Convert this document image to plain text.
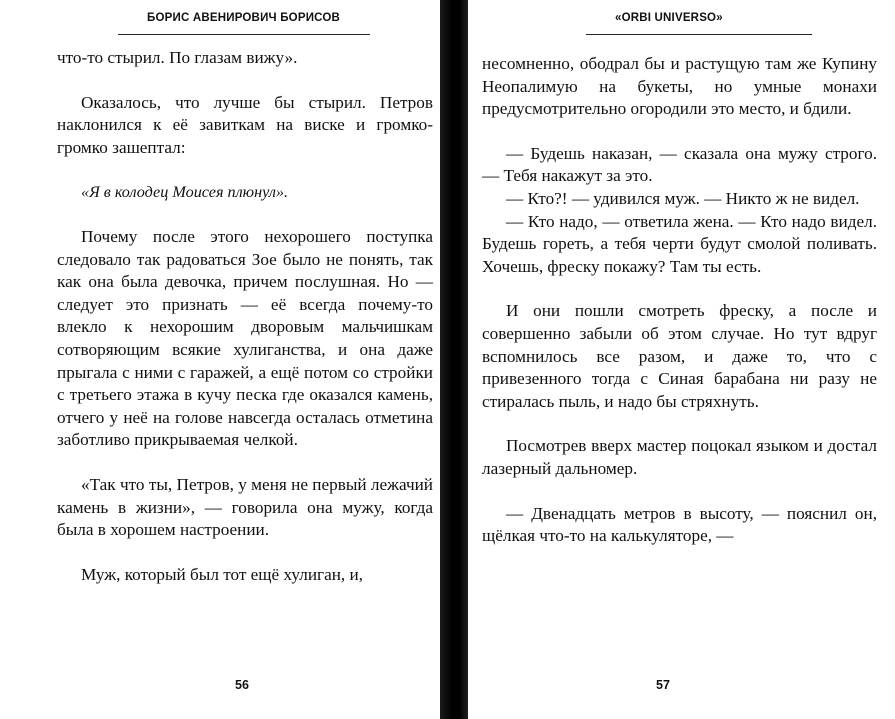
БОРИС АВЕНИРОВИЧ БОРИСОВ

что-то стырил. По глазам вижу».

Оказалось, что лучше бы стырил. Петров наклонился к её завиткам на виске и громко-громко зашептал:

«Я в колодец Моисея плюнул».

Почему после этого нехорошего поступка следовало так радоваться Зое было не понять, так как она была девочка, причем послушная. Но — следует это признать — её всегда почему-то влекло к нехорошим дворовым мальчишкам сотворяющим всякие хулиганства, и она даже прыгала с ними с гаражей, а ещё потом со стройки с третьего этажа в кучу песка где оказался камень, отчего у неё на голове навсегда осталась отметина заботливо прикрываемая челкой.

«Так что ты, Петров, у меня не первый лежачий камень в жизни», — говорила она мужу, когда была в хорошем настроении.

Муж, который был тот ещё хулиган, и,

56
«ORBI UNIVERSO»

несомненно, ободрал бы и растущую там же Купину Неопалимую на букеты, но умные монахи предусмотрительно огородили это место, и бдили.

— Будешь наказан, — сказала она мужу строго. — Тебя накажут за это.

— Кто?! — удивился муж. — Никто ж не видел.

— Кто надо, — ответила жена. — Кто надо видел. Будешь гореть, а тебя черти будут смолой поливать. Хочешь, фреску покажу? Там ты есть.

И они пошли смотреть фреску, а после и совершенно забыли об этом случае. Но тут вдруг вспомнилось все разом, и даже то, что с привезенного тогда с Синая барабана ни разу не стиралась пыль, и надо бы стряхнуть.

Посмотрев вверх мастер поцокал языком и достал лазерный дальномер.

— Двенадцать метров в высоту, — пояснил он, щёлкая что-то на калькуляторе, —

57
